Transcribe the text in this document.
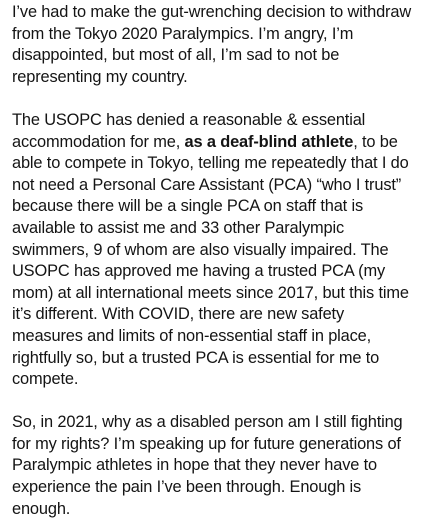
I’ve had to make the gut-wrenching decision to withdraw
from the Tokyo 2020 Paralympics. I’m angry, I’m
disappointed, but most of all, I’m sad to not be
representing my country.
The USOPC has denied a reasonable & essential
accommodation for me, as a deaf-blind athlete, to be
able to compete in Tokyo, telling me repeatedly that I do
not need a Personal Care Assistant (PCA) “who I trust”
because there will be a single PCA on staff that is
available to assist me and 33 other Paralympic
swimmers, 9 of whom are also visually impaired. The
USOPC has approved me having a trusted PCA (my
mom) at all international meets since 2017, but this time
it’s different. With COVID, there are new safety
measures and limits of non-essential staff in place,
rightfully so, but a trusted PCA is essential for me to
compete.
So, in 2021, why as a disabled person am I still fighting
for my rights? I’m speaking up for future generations of
Paralympic athletes in hope that they never have to
experience the pain I’ve been through. Enough is
enough.
